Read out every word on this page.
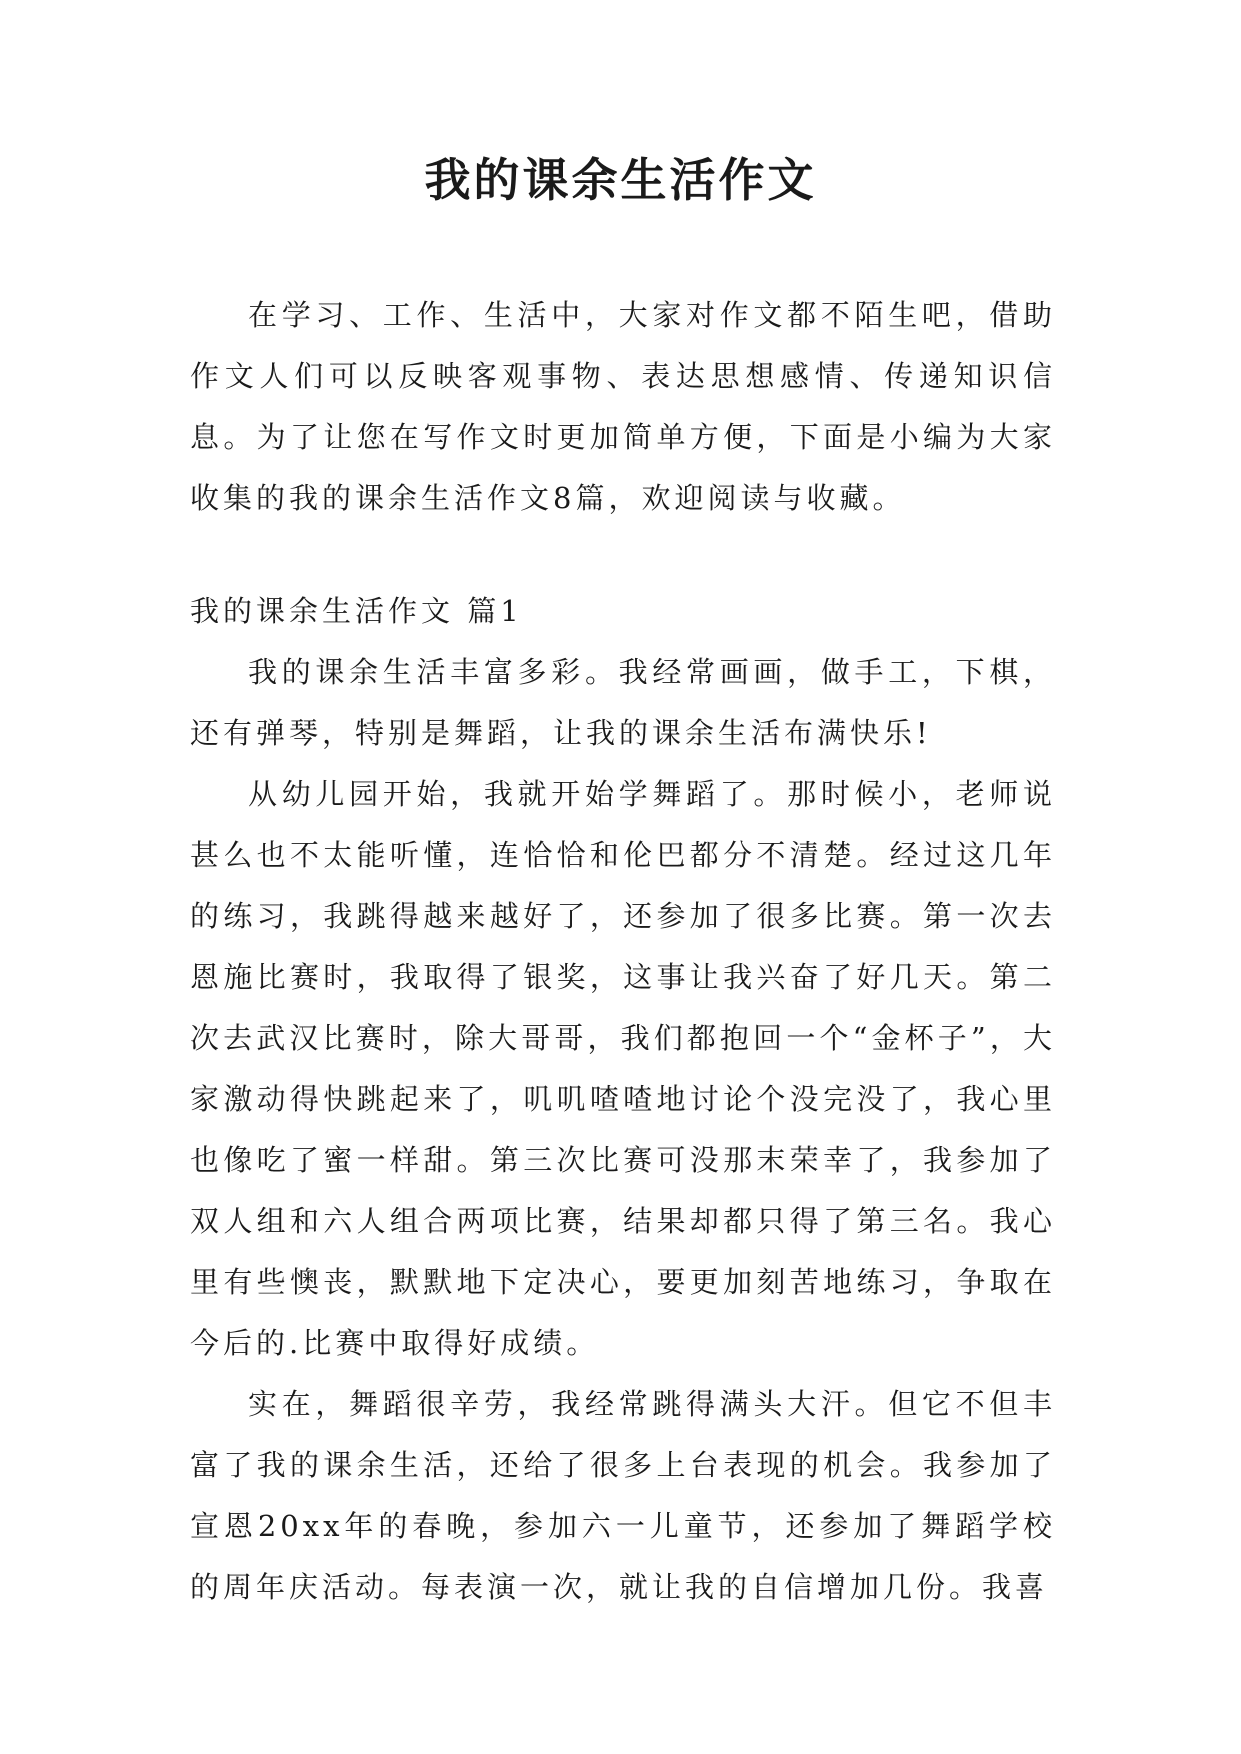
我的课余生活作文

在学习、工作、生活中，大家对作文都不陌生吧，借助作文人们可以反映客观事物、表达思想感情、传递知识信息。为了让您在写作文时更加简单方便，下面是小编为大家收集的我的课余生活作文8篇，欢迎阅读与收藏。

我的课余生活作文 篇1

我的课余生活丰富多彩。我经常画画，做手工，下棋，还有弹琴，特别是舞蹈，让我的课余生活布满快乐!

从幼儿园开始，我就开始学舞蹈了。那时候小，老师说甚么也不太能听懂，连恰恰和伦巴都分不清楚。经过这几年的练习，我跳得越来越好了，还参加了很多比赛。第一次去恩施比赛时，我取得了银奖，这事让我兴奋了好几天。第二次去武汉比赛时，除大哥哥，我们都抱回一个“金杯子”，大家激动得快跳起来了，叽叽喳喳地讨论个没完没了，我心里也像吃了蜜一样甜。第三次比赛可没那末荣幸了，我参加了双人组和六人组合两项比赛，结果却都只得了第三名。我心里有些懊丧，默默地下定决心，要更加刻苦地练习，争取在今后的.比赛中取得好成绩。

实在，舞蹈很辛劳，我经常跳得满头大汗。但它不但丰富了我的课余生活，还给了很多上台表现的机会。我参加了宣恩20xx年的春晚，参加六一儿童节，还参加了舞蹈学校的周年庆活动。每表演一次，就让我的自信增加几份。我喜
